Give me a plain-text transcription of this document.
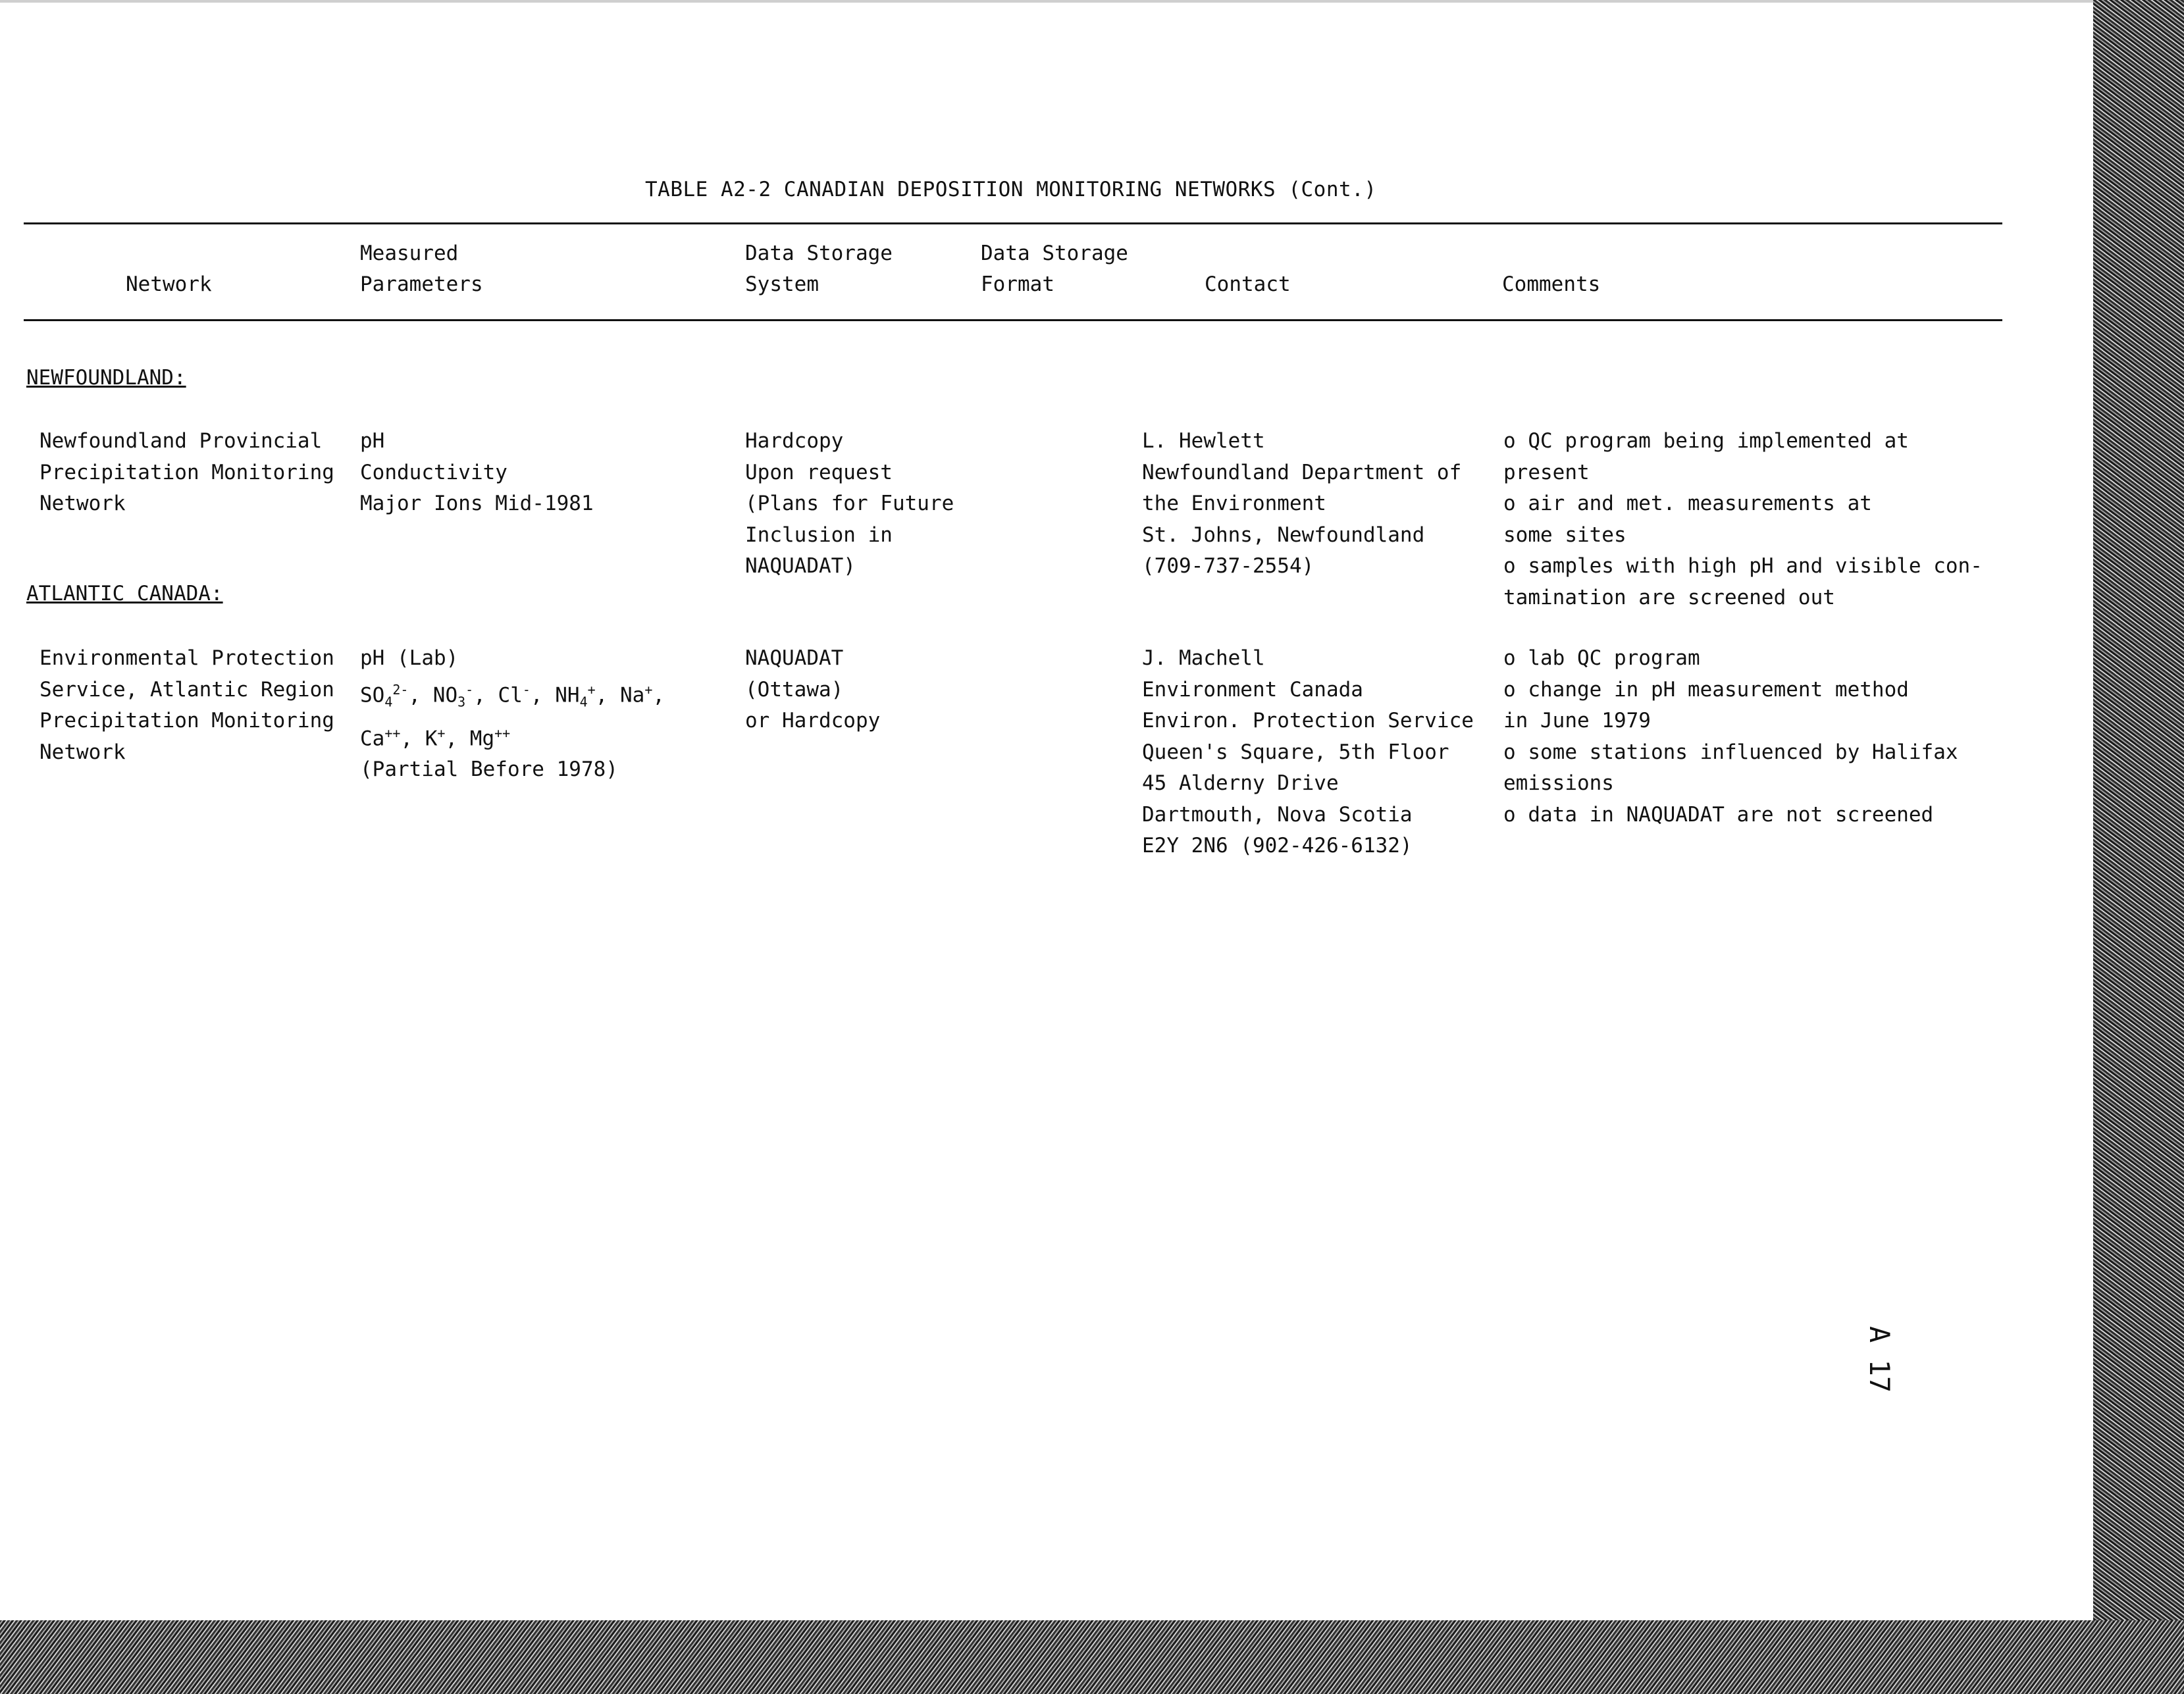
TABLE A2-2 CANADIAN DEPOSITION MONITORING NETWORKS (Cont.)
Network
Measured
Parameters
Data Storage
System
Data Storage
Format	Contact	Comments
NEWFOUNDLAND:
Newfoundland Provincial
Precipitation Monitoring
Network
pH
Conductivity
Major Ions Mid-1981
Hardcopy
Upon request
(Plans for Future
Inclusion in
NAQUADAT)
L. Hewlett
Newfoundland Department of
the Environment
St. Johns, Newfoundland
(709-737-2554)
o QC program being implemented at
present
o air and met. measurements at
some sites
o samples with high pH and visible con-
tamination are screened out
ATLANTIC CANADA:
Environmental Protection
Service, Atlantic Region
Precipitation Monitoring
Network
pH (Lab)
$SO_4^{2-}$, $NO_3^-$, Cl-, $NH_4^+$, Na+,
Ca++, K+, Mg++
(Partial Before 1978)
NAQUADAT
(Ottawa)
or Hardcopy
J. Machell
Environment Canada
Environ. Protection Service
Queen's Square, 5th Floor
45 Alderny Drive
Dartmouth, Nova Scotia
E2Y 2N6 (902-426-6132)
o lab QC program
o change in pH measurement method
in June 1979
o some stations influenced by Halifax
emissions
o data in NAQUADAT are not screened
A 17
